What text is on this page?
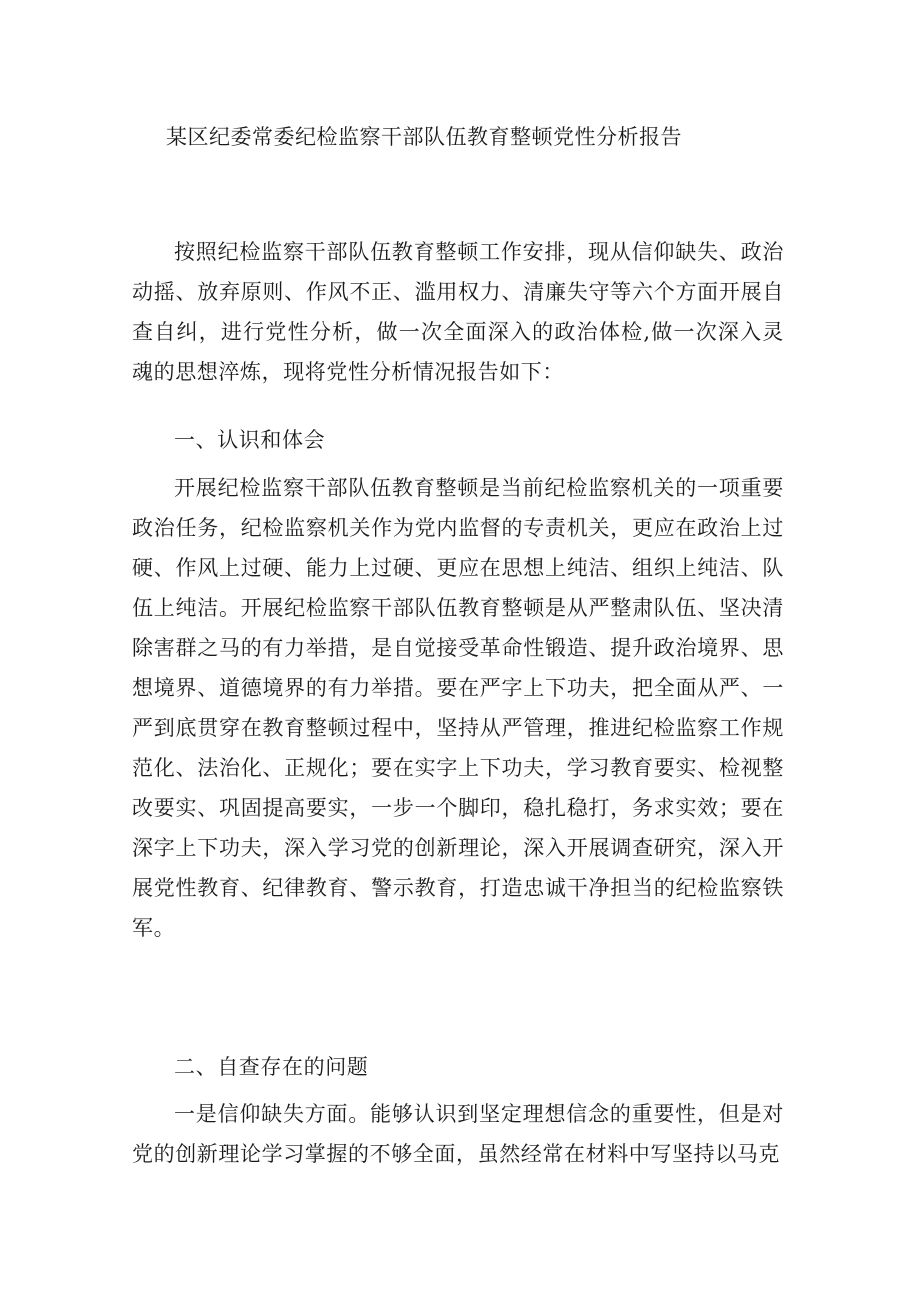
某区纪委常委纪检监察干部队伍教育整顿党性分析报告

按照纪检监察干部队伍教育整顿工作安排，现从信仰缺失、政治动摇、放弃原则、作风不正、滥用权力、清廉失守等六个方面开展自查自纠，进行党性分析，做一次全面深入的政治体检,做一次深入灵魂的思想淬炼，现将党性分析情况报告如下：

一、认识和体会

开展纪检监察干部队伍教育整顿是当前纪检监察机关的一项重要政治任务，纪检监察机关作为党内监督的专责机关，更应在政治上过硬、作风上过硬、能力上过硬、更应在思想上纯洁、组织上纯洁、队伍上纯洁。开展纪检监察干部队伍教育整顿是从严整肃队伍、坚决清除害群之马的有力举措，是自觉接受革命性锻造、提升政治境界、思想境界、道德境界的有力举措。要在严字上下功夫，把全面从严、一严到底贯穿在教育整顿过程中，坚持从严管理，推进纪检监察工作规范化、法治化、正规化；要在实字上下功夫，学习教育要实、检视整改要实、巩固提高要实，一步一个脚印，稳扎稳打，务求实效；要在深字上下功夫，深入学习党的创新理论，深入开展调查研究，深入开展党性教育、纪律教育、警示教育，打造忠诚干净担当的纪检监察铁军。

二、自查存在的问题

一是信仰缺失方面。能够认识到坚定理想信念的重要性，但是对党的创新理论学习掌握的不够全面，虽然经常在材料中写坚持以马克
